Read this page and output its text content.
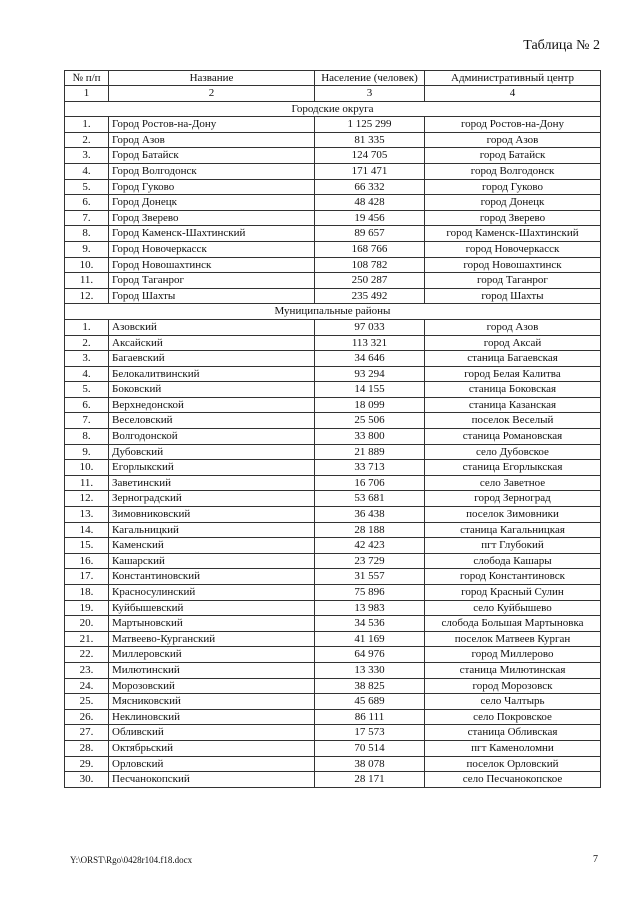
Таблица № 2
№ п/п	Название	Население (человек)	Административный центр
1	2	3	4
Городские округа			
1.	Город Ростов-на-Дону	1 125 299	город Ростов-на-Дону
2.	Город Азов	81 335	город Азов
3.	Город Батайск	124 705	город Батайск
4.	Город Волгодонск	171 471	город Волгодонск
5.	Город Гуково	66 332	город Гуково
6.	Город Донецк	48 428	город Донецк
7.	Город Зверево	19 456	город Зверево
8.	Город Каменск-Шахтинский	89 657	город Каменск-Шахтинский
9.	Город Новочеркасск	168 766	город Новочеркасск
10.	Город Новошахтинск	108 782	город Новошахтинск
11.	Город Таганрог	250 287	город Таганрог
12.	Город Шахты	235 492	город Шахты
Муниципальные районы			
1.	Азовский	97 033	город Азов
2.	Аксайский	113 321	город Аксай
3.	Багаевский	34 646	станица Багаевская
4.	Белокалитвинский	93 294	город Белая Калитва
5.	Боковский	14 155	станица Боковская
6.	Верхнедонской	18 099	станица Казанская
7.	Веселовский	25 506	поселок Веселый
8.	Волгодонской	33 800	станица Романовская
9.	Дубовский	21 889	село Дубовское
10.	Егорлыкский	33 713	станица Егорлыкская
11.	Заветинский	16 706	село Заветное
12.	Зерноградский	53 681	город Зерноград
13.	Зимовниковский	36 438	поселок Зимовники
14.	Кагальницкий	28 188	станица Кагальницкая
15.	Каменский	42 423	пгт Глубокий
16.	Кашарский	23 729	слобода Кашары
17.	Константиновский	31 557	город Константиновск
18.	Красносулинский	75 896	город Красный Сулин
19.	Куйбышевский	13 983	село Куйбышево
20.	Мартыновский	34 536	слобода Большая Мартыновка
21.	Матвеево-Курганский	41 169	поселок Матвеев Курган
22.	Миллеровский	64 976	город Миллерово
23.	Милютинский	13 330	станица Милютинская
24.	Морозовский	38 825	город Морозовск
25.	Мясниковский	45 689	село Чалтырь
26.	Неклиновский	86 111	село Покровское
27.	Обливский	17 573	станица Обливская
28.	Октябрьский	70 514	пгт Каменоломни
29.	Орловский	38 078	поселок Орловский
30.	Песчанокопский	28 171	село Песчанокопское
Y:\ORST\Rgo\0428r104.f18.docx	7
